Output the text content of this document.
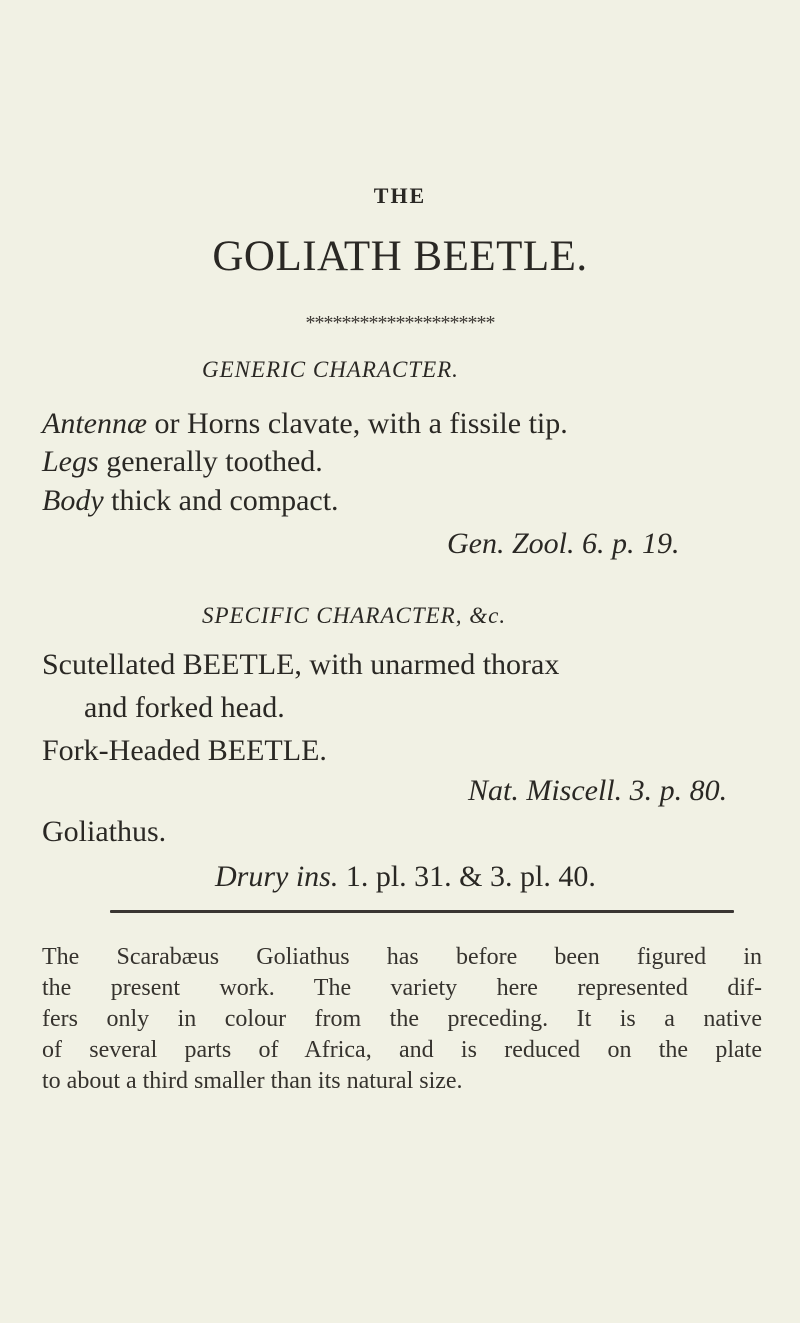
THE
GOLIATH BEETLE.
*********************
GENERIC CHARACTER.
Antennæ or Horns clavate, with a fissile tip.
Legs generally toothed.
Body thick and compact.
Gen. Zool. 6. p. 19.
SPECIFIC CHARACTER, &c.
Scutellated BEETLE, with unarmed thorax
and forked head.
Fork-Headed BEETLE.
Nat. Miscell. 3. p. 80.
Goliathus.
Drury ins. 1. pl. 31. & 3. pl. 40.
The Scarabæus Goliathus has before been figured in
the present work. The variety here represented dif-
fers only in colour from the preceding. It is a native
of several parts of Africa, and is reduced on the plate
to about a third smaller than its natural size.
